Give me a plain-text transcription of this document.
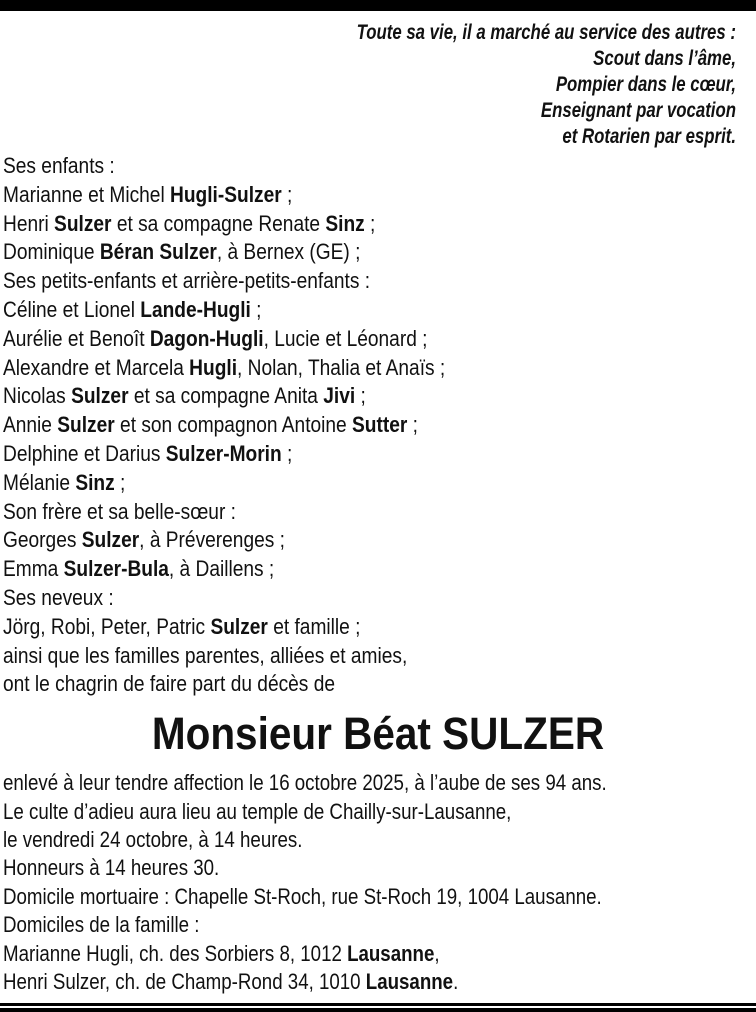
Toute sa vie, il a marché au service des autres :
Scout dans l’âme,
Pompier dans le cœur,
Enseignant par vocation
et Rotarien par esprit.
Ses enfants :
Marianne et Michel Hugli-Sulzer ;
Henri Sulzer et sa compagne Renate Sinz ;
Dominique Béran Sulzer, à Bernex (GE) ;
Ses petits-enfants et arrière-petits-enfants :
Céline et Lionel Lande-Hugli ;
Aurélie et Benoît Dagon-Hugli, Lucie et Léonard ;
Alexandre et Marcela Hugli, Nolan, Thalia et Anaïs ;
Nicolas Sulzer et sa compagne Anita Jivi ;
Annie Sulzer et son compagnon Antoine Sutter ;
Delphine et Darius Sulzer-Morin ;
Mélanie Sinz ;
Son frère et sa belle-sœur :
Georges Sulzer, à Préverenges ;
Emma Sulzer-Bula, à Daillens ;
Ses neveux :
Jörg, Robi, Peter, Patric Sulzer et famille ;
ainsi que les familles parentes, alliées et amies,
ont le chagrin de faire part du décès de
Monsieur Béat SULZER
enlevé à leur tendre affection le 16 octobre 2025, à l’aube de ses 94 ans.
Le culte d’adieu aura lieu au temple de Chailly-sur-Lausanne,
le vendredi 24 octobre, à 14 heures.
Honneurs à 14 heures 30.
Domicile mortuaire : Chapelle St-Roch, rue St-Roch 19, 1004 Lausanne.
Domiciles de la famille :
Marianne Hugli, ch. des Sorbiers 8, 1012 Lausanne,
Henri Sulzer, ch. de Champ-Rond 34, 1010 Lausanne.
